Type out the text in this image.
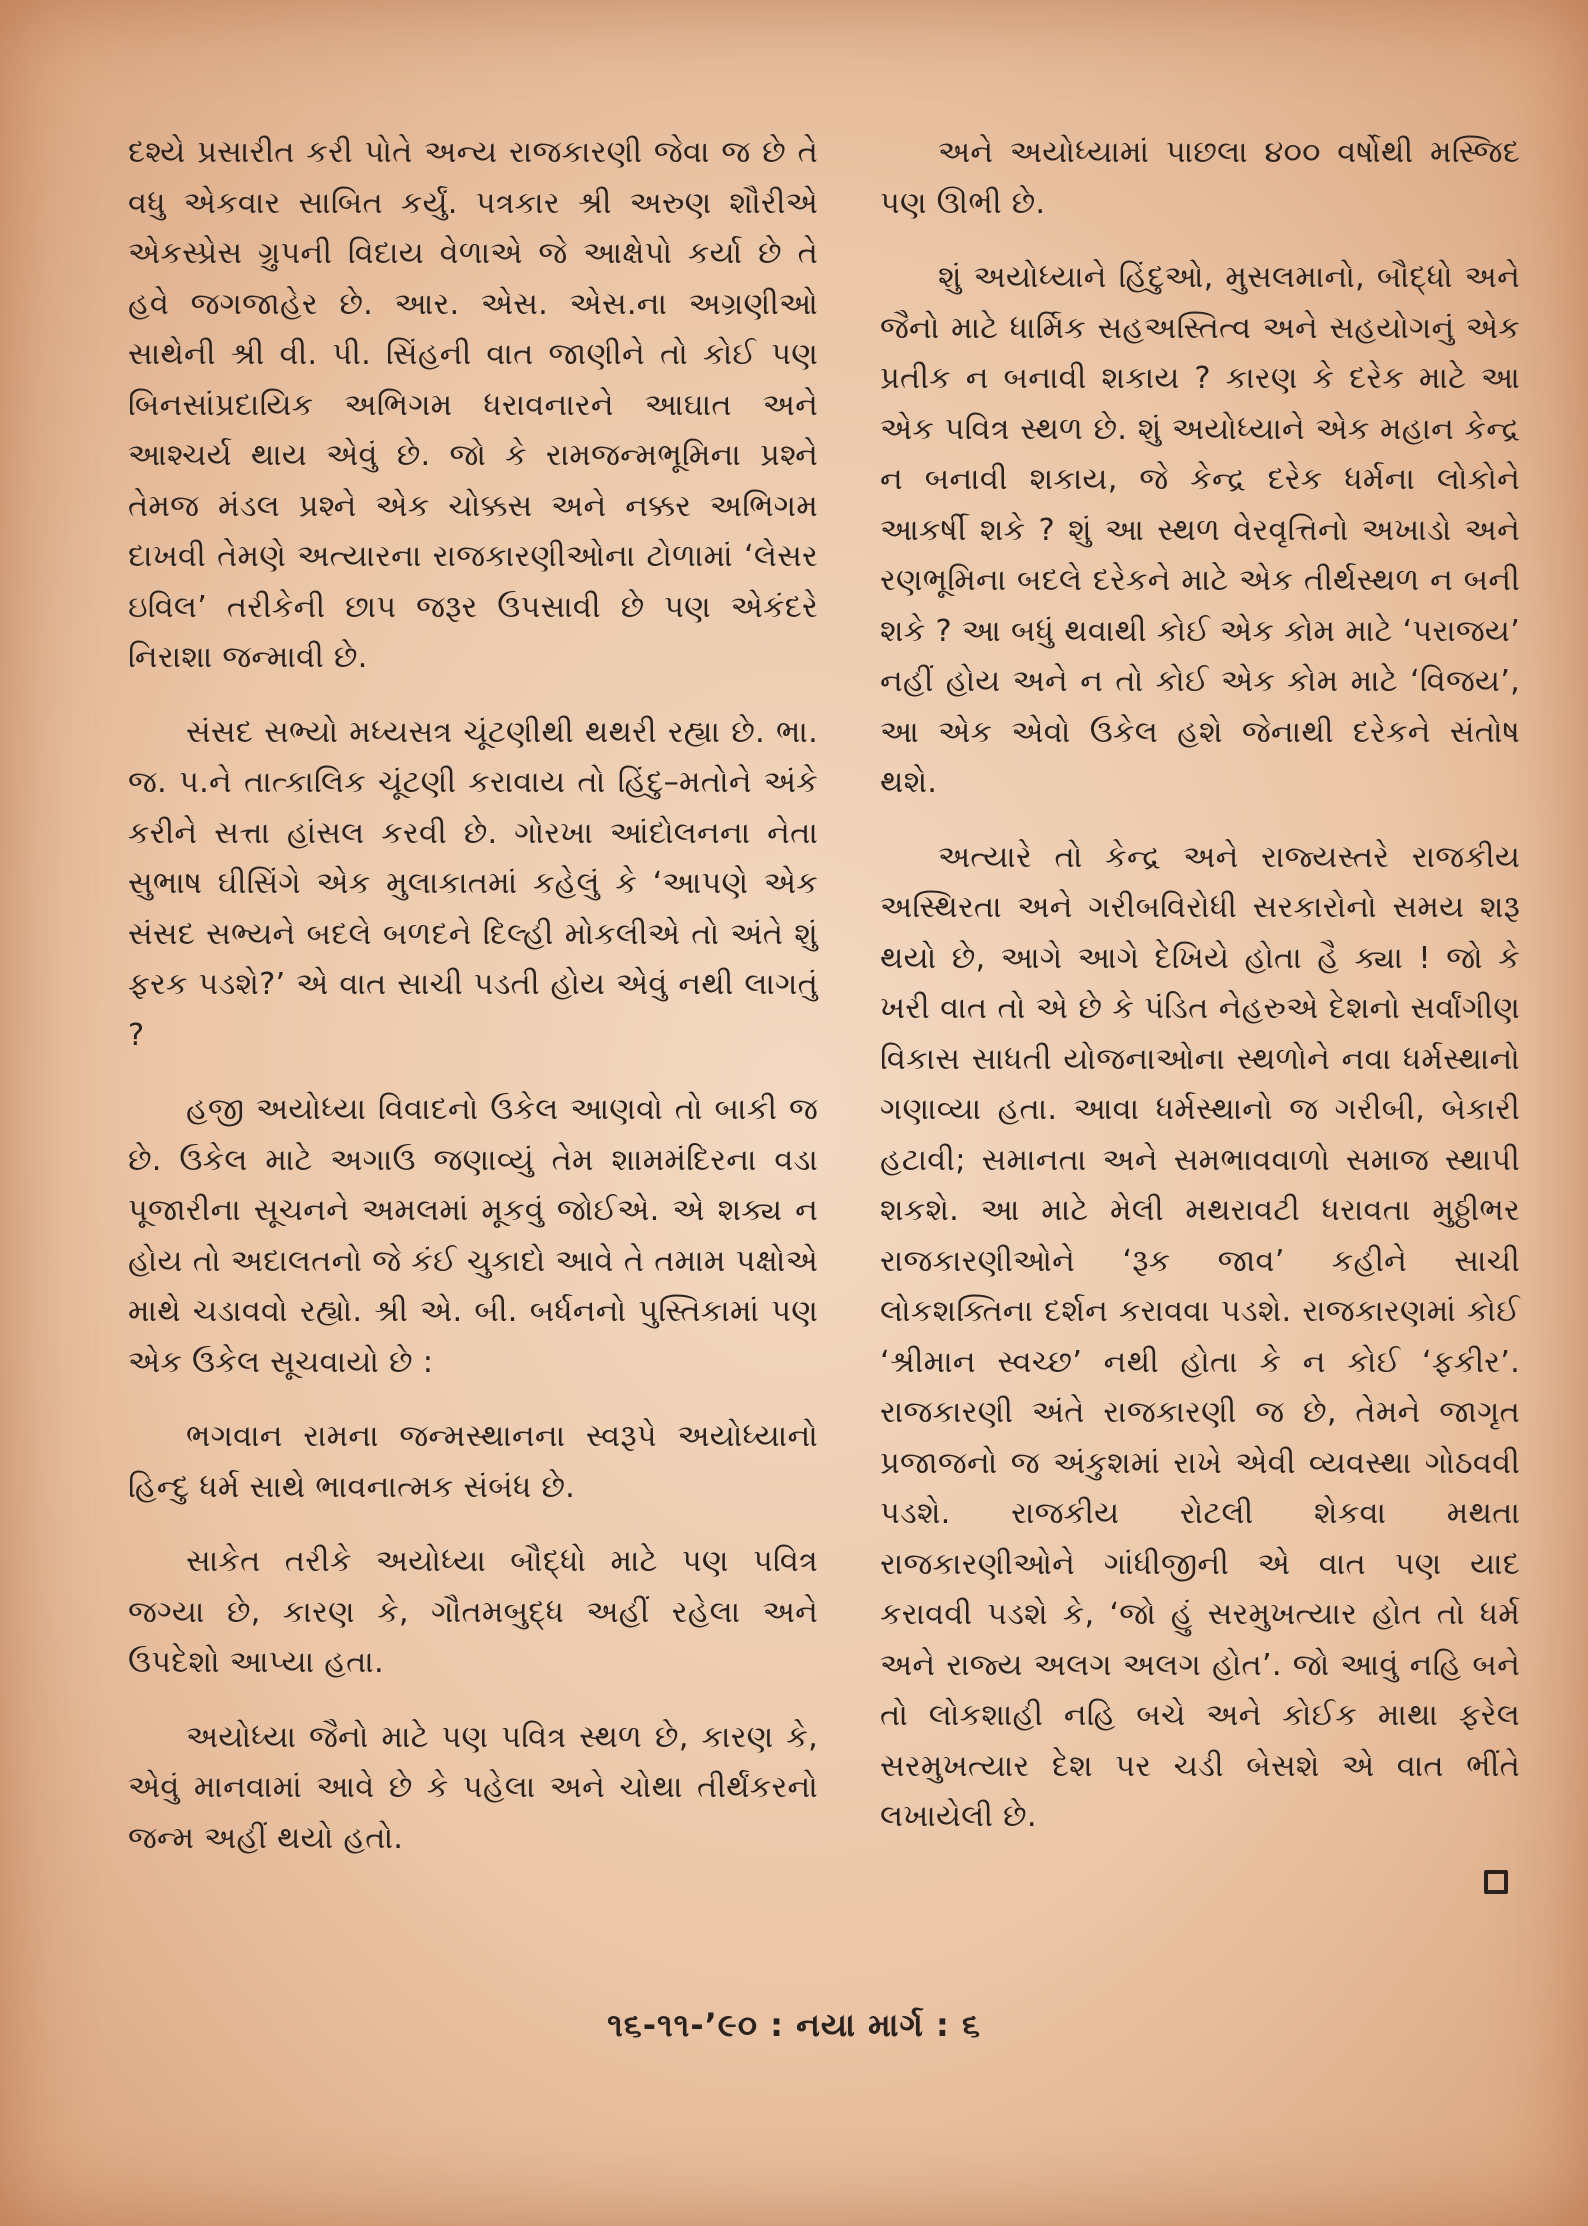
દશ્યે પ્રસારીત કરી પોતે અન્ય રાજકારણી જેવા જ છે તે વધુ એકવાર સાબિત કર્યું. પત્રકાર શ્રી અરુણ શૌરીએ એકસ્પ્રેસ ગ્રુપની વિદાય વેળાએ જે આક્ષેપો કર્યા છે તે હવે જગજાહેર છે. આર. એસ. એસ.ના અગ્રણીઓ સાથેની શ્રી વી. પી. સિંહની વાત જાણીને તો કોઈ પણ બિનસાંપ્રદાયિક અભિગમ ધરાવનારને આઘાત અને આશ્ચર્ય થાય એવું છે. જો કે રામજન્મભૂમિના પ્રશ્ને તેમજ મંડલ પ્રશ્ને એક ચોક્કસ અને નક્કર અભિગમ દાખવી તેમણે અત્યારના રાજકારણીઓના ટોળામાં ‘લેસર ઇવિલ’ તરીકેની છાપ જરૂર ઉપસાવી છે પણ એકંદરે નિરાશા જન્માવી છે.

સંસદ સભ્યો મધ્યસત્ર ચૂંટણીથી થથરી રહ્યા છે. ભા. જ. પ.ને તાત્કાલિક ચૂંટણી કરાવાય તો હિંદુ–મતોને અંકે કરીને સત્તા હાંસલ કરવી છે. ગોરખા આંદોલનના નેતા સુભાષ ઘીસિંગે એક મુલાકાતમાં કહેલું કે ‘આપણે એક સંસદ સભ્યને બદલે બળદને દિલ્હી મોકલીએ તો અંતે શું ફરક પડશે?’ એ વાત સાચી પડતી હોય એવું નથી લાગતું ?

હજી અયોધ્યા વિવાદનો ઉકેલ આણવો તો બાકી જ છે. ઉકેલ માટે અગાઉ જણાવ્યું તેમ શામમંદિરના વડા પૂજારીના સૂચનને અમલમાં મૂકવું જોઈએ. એ શક્ય ન હોય તો અદાલતનો જે કંઈ ચુકાદો આવે તે તમામ પક્ષોએ માથે ચડાવવો રહ્યો. શ્રી એ. બી. બર્ધનનો પુસ્તિકામાં પણ એક ઉકેલ સૂચવાયો છે :

ભગવાન રામના જન્મસ્થાનના સ્વરૂપે અયોધ્યાનો હિન્દુ ધર્મ સાથે ભાવનાત્મક સંબંધ છે.

સાકેત તરીકે અયોધ્યા બૌદ્ધો માટે પણ પવિત્ર જગ્યા છે, કારણ કે, ગૌતમબુદ્ધ અહીં રહેલા અને ઉપદેશો આપ્યા હતા.

અયોધ્યા જૈનો માટે પણ પવિત્ર સ્થળ છે, કારણ કે, એવું માનવામાં આવે છે કે પહેલા અને ચોથા તીર્થંકરનો જન્મ અહીં થયો હતો.

અને અયોધ્યામાં પાછલા ૪૦૦ વર્ષોથી મસ્જિદ પણ ઊભી છે.

શું અયોધ્યાને હિંદુઓ, મુસલમાનો, બૌદ્ધો અને જૈનો માટે ધાર્મિક સહઅસ્તિત્વ અને સહયોગનું એક પ્રતીક ન બનાવી શકાય ? કારણ કે દરેક માટે આ એક પવિત્ર સ્થળ છે. શું અયોધ્યાને એક મહાન કેન્દ્ર ન બનાવી શકાય, જે કેન્દ્ર દરેક ધર્મના લોકોને આકર્ષી શકે ? શું આ સ્થળ વેરવૃત્તિનો અખાડો અને રણભૂમિના બદલે દરેકને માટે એક તીર્થસ્થળ ન બની શકે ? આ બધું થવાથી કોઈ એક કોમ માટે ‘પરાજય’ નહીં હોય અને ન તો કોઈ એક કોમ માટે ‘વિજય’, આ એક એવો ઉકેલ હશે જેનાથી દરેકને સંતોષ થશે.

અત્યારે તો કેન્દ્ર અને રાજ્યસ્તરે રાજકીય અસ્થિરતા અને ગરીબવિરોધી સરકારોનો સમય શરૂ થયો છે, આગે આગે દેખિયે હોતા હૈ ક્યા ! જો કે ખરી વાત તો એ છે કે પંડિત નેહરુએ દેશનો સર્વાંગીણ વિકાસ સાધતી યોજનાઓના સ્થળોને નવા ધર્મસ્થાનો ગણાવ્યા હતા. આવા ધર્મસ્થાનો જ ગરીબી, બેકારી હટાવી; સમાનતા અને સમભાવવાળો સમાજ સ્થાપી શકશે. આ માટે મેલી મથરાવટી ધરાવતા મુઠ્ઠીભર રાજકારણીઓને ‘રૂક જાવ’ કહીને સાચી લોકશક્તિના દર્શન કરાવવા પડશે. રાજકારણમાં કોઈ ‘શ્રીમાન સ્વચ્છ’ નથી હોતા કે ન કોઈ ‘ફકીર’. રાજકારણી અંતે રાજકારણી જ છે, તેમને જાગૃત પ્રજાજનો જ અંકુશમાં રાખે એવી વ્યવસ્થા ગોઠવવી પડશે. રાજકીય રોટલી શેકવા મથતા રાજકારણીઓને ગાંધીજીની એ વાત પણ યાદ કરાવવી પડશે કે, ‘જો હું સરમુખત્યાર હોત તો ધર્મ અને રાજ્ય અલગ અલગ હોત’. જો આવું નહિ બને તો લોકશાહી નહિ બચે અને કોઈક માથા ફરેલ સરમુખત્યાર દેશ પર ચડી બેસશે એ વાત ભીંતે લખાયેલી છે.

૧૬-૧૧-’૯૦ : નયા માર્ગ : ૬
